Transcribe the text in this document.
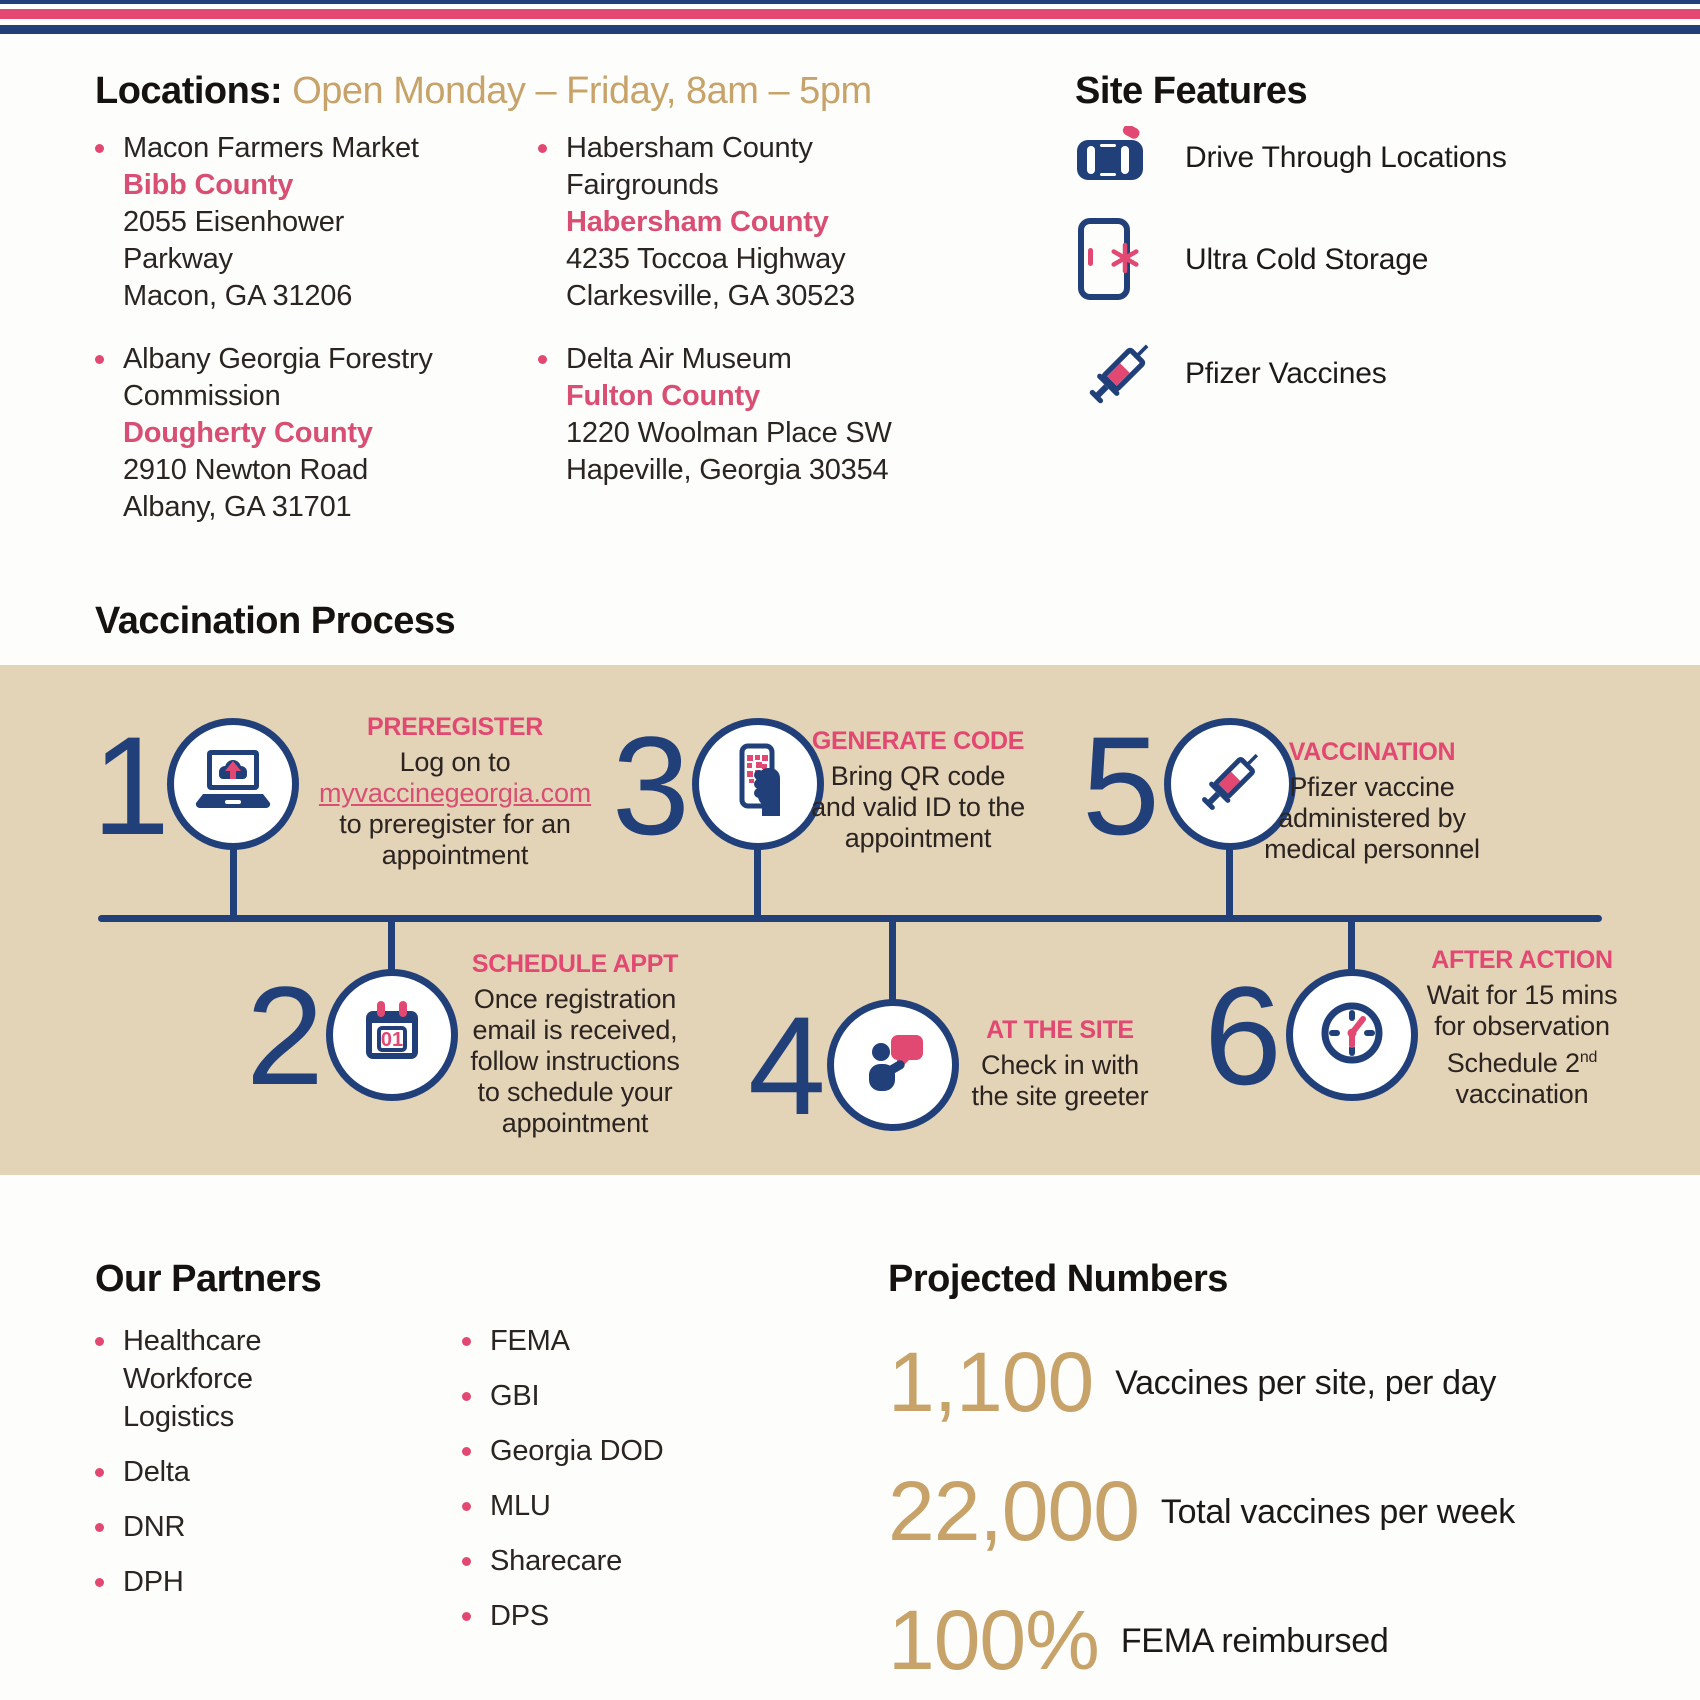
Locations: Open Monday – Friday, 8am – 5pm
Macon Farmers Market
Bibb County
2055 Eisenhower Parkway
Macon, GA 31206
Albany Georgia Forestry Commission
Dougherty County
2910 Newton Road
Albany, GA 31701
Habersham County Fairgrounds
Habersham County
4235 Toccoa Highway
Clarkesville, GA 30523
Delta Air Museum
Fulton County
1220 Woolman Place SW
Hapeville, Georgia 30354
Site Features
Drive Through Locations
Ultra Cold Storage
Pfizer Vaccines
Vaccination Process
1	3	5
2	4	6
01
PREREGISTER
Log on to
myvaccinegeorgia.com
to preregister for an
appointment
GENERATE CODE
Bring QR code
and valid ID to the
appointment
VACCINATION
Pfizer vaccine
administered by
medical personnel
SCHEDULE APPT
Once registration
email is received,
follow instructions
to schedule your
appointment
AT THE SITE
Check in with
the site greeter
AFTER ACTION
Wait for 15 mins
for observation
Schedule 2nd
vaccination
Our Partners
Healthcare Workforce Logistics
Delta
DNR
DPH
FEMA
GBI
Georgia DOD
MLU
Sharecare
DPS
Projected Numbers
1,100 Vaccines per site, per day
22,000 Total vaccines per week
100% FEMA reimbursed
